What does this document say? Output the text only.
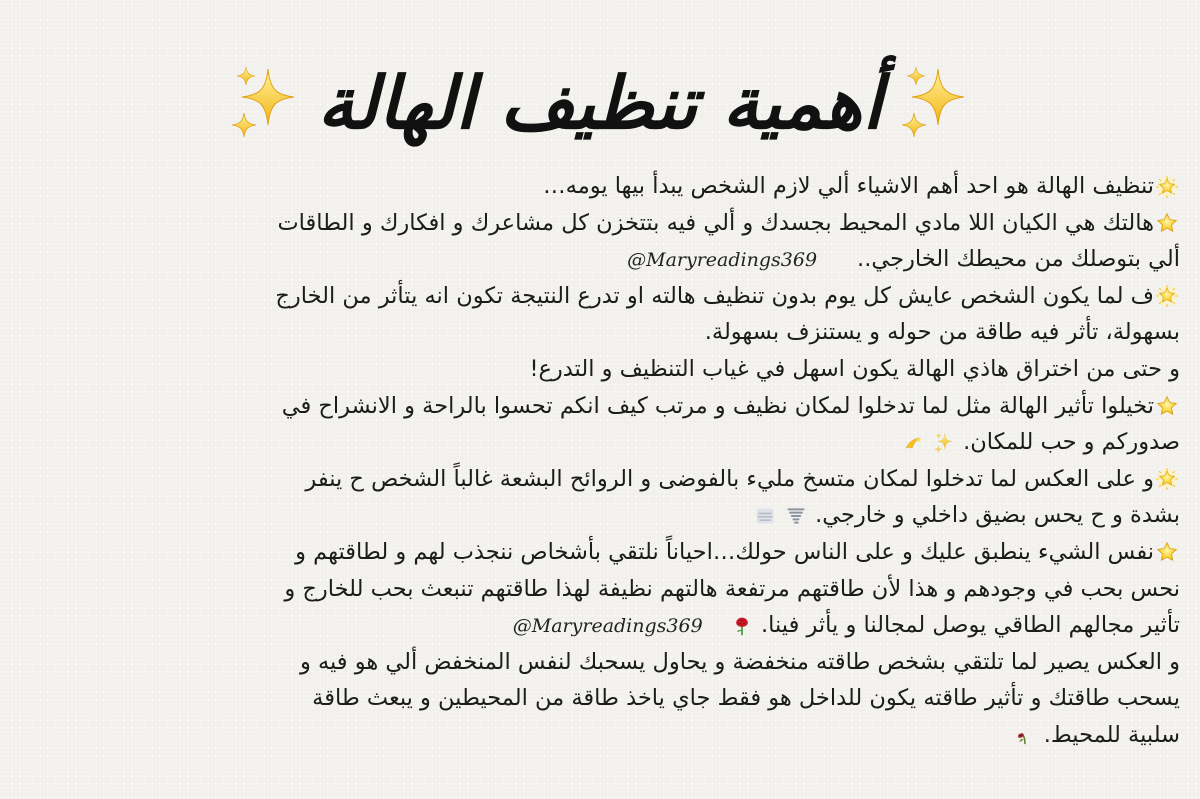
أهمية تنظيف الهالة
تنظيف الهالة هو احد أهم الاشياء ألي لازم الشخص يبدأ بيها يومه…
هالتك هي الكيان اللا مادي المحيط بجسدك و ألي فيه بتتخزن كل مشاعرك و افكارك و الطاقات
ألي بتوصلك من محيطك الخارجي..@Maryreadings369
ف لما يكون الشخص عايش كل يوم بدون تنظيف هالته او تدرع النتيجة تكون انه يتأثر من الخارج
بسهولة، تأثر فيه طاقة من حوله و يستنزف بسهولة.
و حتى من اختراق هاذي الهالة يكون اسهل في غياب التنظيف و التدرع!
تخيلوا تأثير الهالة مثل لما تدخلوا لمكان نظيف و مرتب كيف انكم تحسوا بالراحة و الانشراح في
صدوركم و حب للمكان.
و على العكس لما تدخلوا لمكان متسخ مليء بالفوضى و الروائح البشعة غالباً الشخص ح ينفر
بشدة و ح يحس بضيق داخلي و خارجي.
نفس الشيء ينطبق عليك و على الناس حولك…احياناً نلتقي بأشخاص ننجذب لهم و لطاقتهم و
نحس بحب في وجودهم و هذا لأن طاقتهم مرتفعة هالتهم نظيفة لهذا طاقتهم تنبعث بحب للخارج و
تأثير مجالهم الطاقي يوصل لمجالنا و يأثر فينا.  @Maryreadings369
و العكس يصير لما تلتقي بشخص طاقته منخفضة و يحاول يسحبك لنفس المنخفض ألي هو فيه و
يسحب طاقتك و تأثير طاقته يكون للداخل هو فقط جاي ياخذ طاقة من المحيطين و يبعث طاقة
سلبية للمحيط.
